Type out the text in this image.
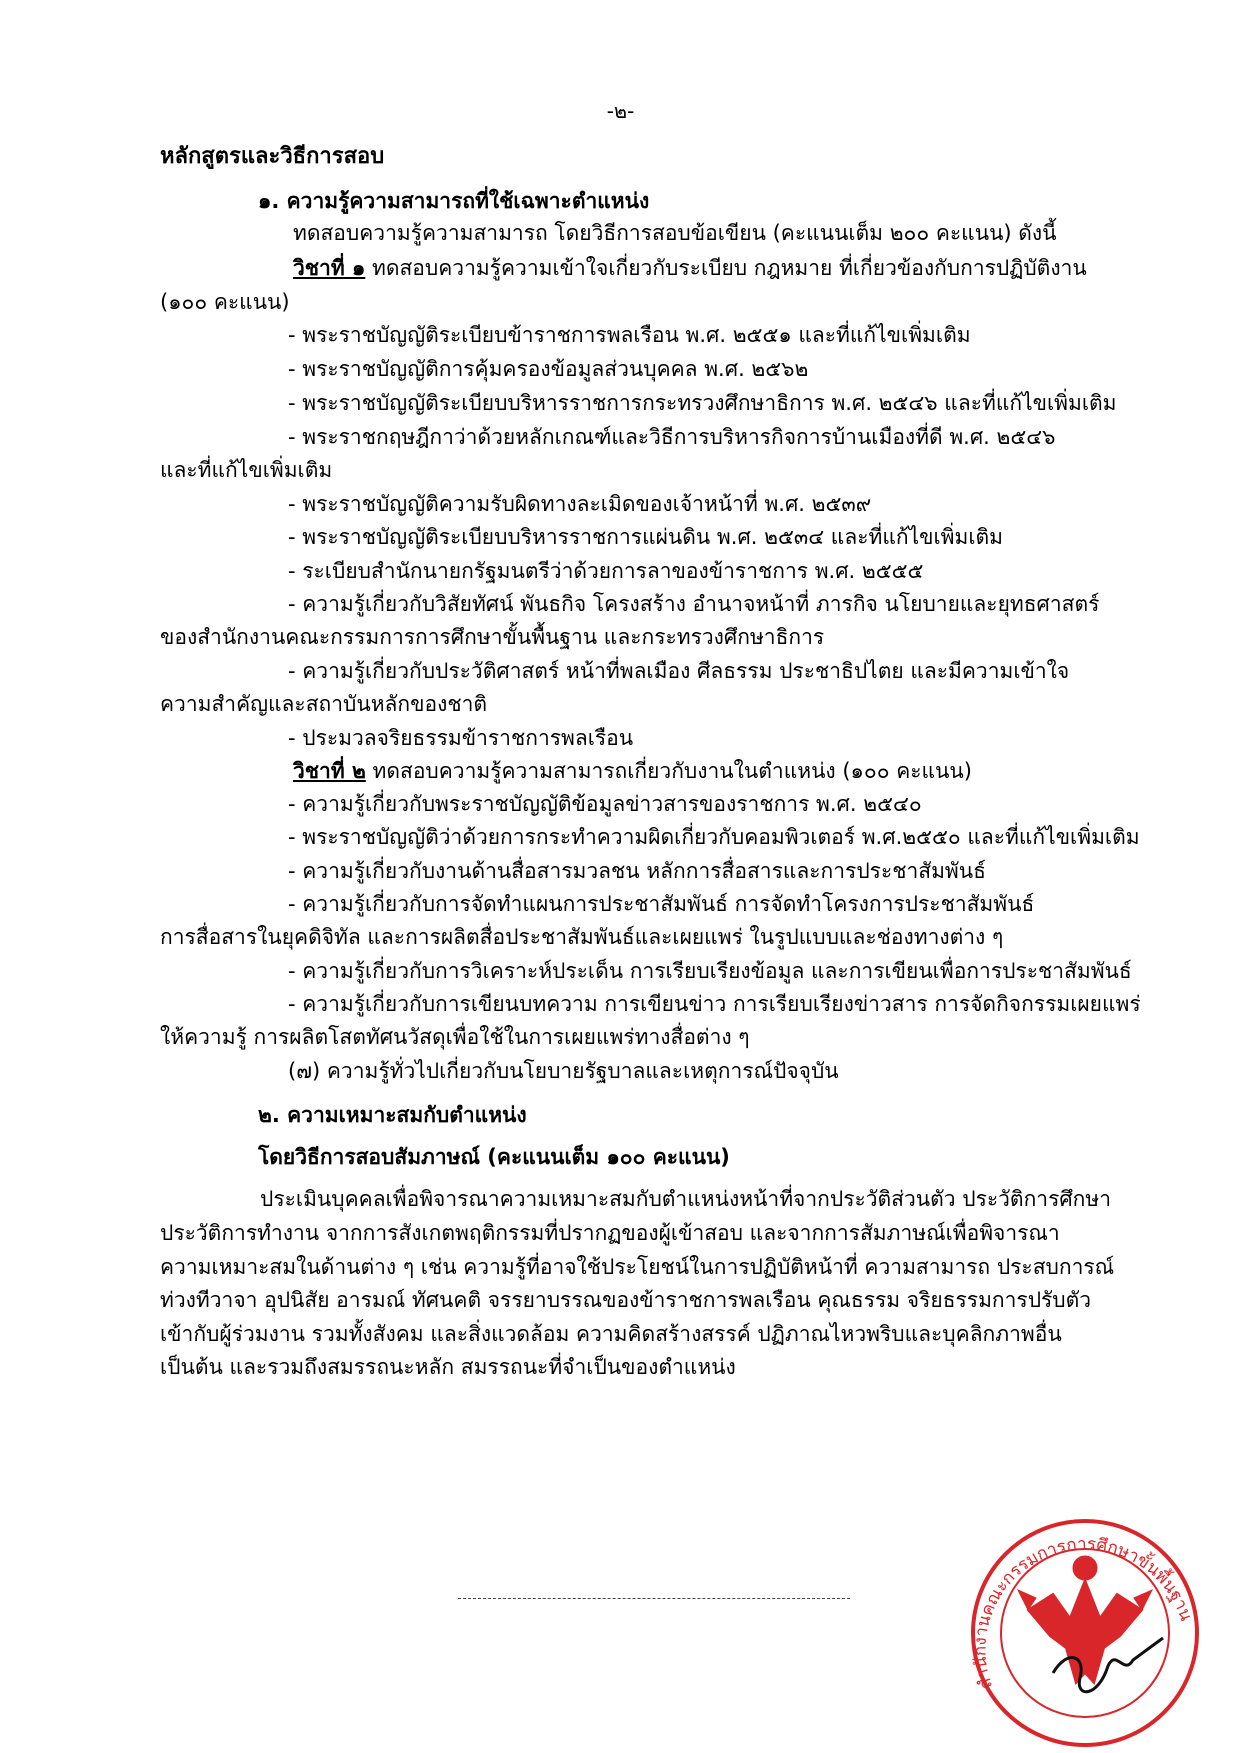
-๒-
หลักสูตรและวิธีการสอบ
๑. ความรู้ความสามารถที่ใช้เฉพาะตำแหน่ง
ทดสอบความรู้ความสามารถ โดยวิธีการสอบข้อเขียน (คะแนนเต็ม ๒๐๐ คะแนน) ดังนี้
วิชาที่ ๑ ทดสอบความรู้ความเข้าใจเกี่ยวกับระเบียบ กฎหมาย ที่เกี่ยวข้องกับการปฏิบัติงาน
(๑๐๐ คะแนน)
- พระราชบัญญัติระเบียบข้าราชการพลเรือน พ.ศ. ๒๕๕๑ และที่แก้ไขเพิ่มเติม
- พระราชบัญญัติการคุ้มครองข้อมูลส่วนบุคคล พ.ศ. ๒๕๖๒
- พระราชบัญญัติระเบียบบริหารราชการกระทรวงศึกษาธิการ พ.ศ. ๒๕๔๖ และที่แก้ไขเพิ่มเติม
- พระราชกฤษฎีกาว่าด้วยหลักเกณฑ์และวิธีการบริหารกิจการบ้านเมืองที่ดี พ.ศ. ๒๕๔๖
และที่แก้ไขเพิ่มเติม
- พระราชบัญญัติความรับผิดทางละเมิดของเจ้าหน้าที่ พ.ศ. ๒๕๓๙
- พระราชบัญญัติระเบียบบริหารราชการแผ่นดิน พ.ศ. ๒๕๓๔ และที่แก้ไขเพิ่มเติม
- ระเบียบสำนักนายกรัฐมนตรีว่าด้วยการลาของข้าราชการ พ.ศ. ๒๕๕๕
- ความรู้เกี่ยวกับวิสัยทัศน์ พันธกิจ โครงสร้าง อำนาจหน้าที่ ภารกิจ นโยบายและยุทธศาสตร์
ของสำนักงานคณะกรรมการการศึกษาขั้นพื้นฐาน และกระทรวงศึกษาธิการ
- ความรู้เกี่ยวกับประวัติศาสตร์ หน้าที่พลเมือง ศีลธรรม ประชาธิปไตย และมีความเข้าใจ
ความสำคัญและสถาบันหลักของชาติ
- ประมวลจริยธรรมข้าราชการพลเรือน
วิชาที่ ๒ ทดสอบความรู้ความสามารถเกี่ยวกับงานในตำแหน่ง (๑๐๐ คะแนน)
- ความรู้เกี่ยวกับพระราชบัญญัติข้อมูลข่าวสารของราชการ พ.ศ. ๒๕๔๐
- พระราชบัญญัติว่าด้วยการกระทำความผิดเกี่ยวกับคอมพิวเตอร์ พ.ศ.๒๕๕๐ และที่แก้ไขเพิ่มเติม
- ความรู้เกี่ยวกับงานด้านสื่อสารมวลชน หลักการสื่อสารและการประชาสัมพันธ์
- ความรู้เกี่ยวกับการจัดทำแผนการประชาสัมพันธ์ การจัดทำโครงการประชาสัมพันธ์
การสื่อสารในยุคดิจิทัล และการผลิตสื่อประชาสัมพันธ์และเผยแพร่ ในรูปแบบและช่องทางต่าง ๆ
- ความรู้เกี่ยวกับการวิเคราะห์ประเด็น การเรียบเรียงข้อมูล และการเขียนเพื่อการประชาสัมพันธ์
- ความรู้เกี่ยวกับการเขียนบทความ การเขียนข่าว การเรียบเรียงข่าวสาร การจัดกิจกรรมเผยแพร่
ให้ความรู้ การผลิตโสตทัศนวัสดุเพื่อใช้ในการเผยแพร่ทางสื่อต่าง ๆ
(๗) ความรู้ทั่วไปเกี่ยวกับนโยบายรัฐบาลและเหตุการณ์ปัจจุบัน
๒. ความเหมาะสมกับตำแหน่ง
โดยวิธีการสอบสัมภาษณ์ (คะแนนเต็ม ๑๐๐ คะแนน)
ประเมินบุคคลเพื่อพิจารณาความเหมาะสมกับตำแหน่งหน้าที่จากประวัติส่วนตัว ประวัติการศึกษา
ประวัติการทำงาน จากการสังเกตพฤติกรรมที่ปรากฏของผู้เข้าสอบ และจากการสัมภาษณ์เพื่อพิจารณา
ความเหมาะสมในด้านต่าง ๆ เช่น ความรู้ที่อาจใช้ประโยชน์ในการปฏิบัติหน้าที่ ความสามารถ ประสบการณ์
ท่วงทีวาจา อุปนิสัย อารมณ์ ทัศนคติ จรรยาบรรณของข้าราชการพลเรือน คุณธรรม จริยธรรมการปรับตัว
เข้ากับผู้ร่วมงาน รวมทั้งสังคม และสิ่งแวดล้อม ความคิดสร้างสรรค์ ปฏิภาณไหวพริบและบุคลิกภาพอื่น
เป็นต้น และรวมถึงสมรรถนะหลัก สมรรถนะที่จำเป็นของตำแหน่ง
สำนักงานคณะกรรมการการศึกษาขั้นพื้นฐาน
